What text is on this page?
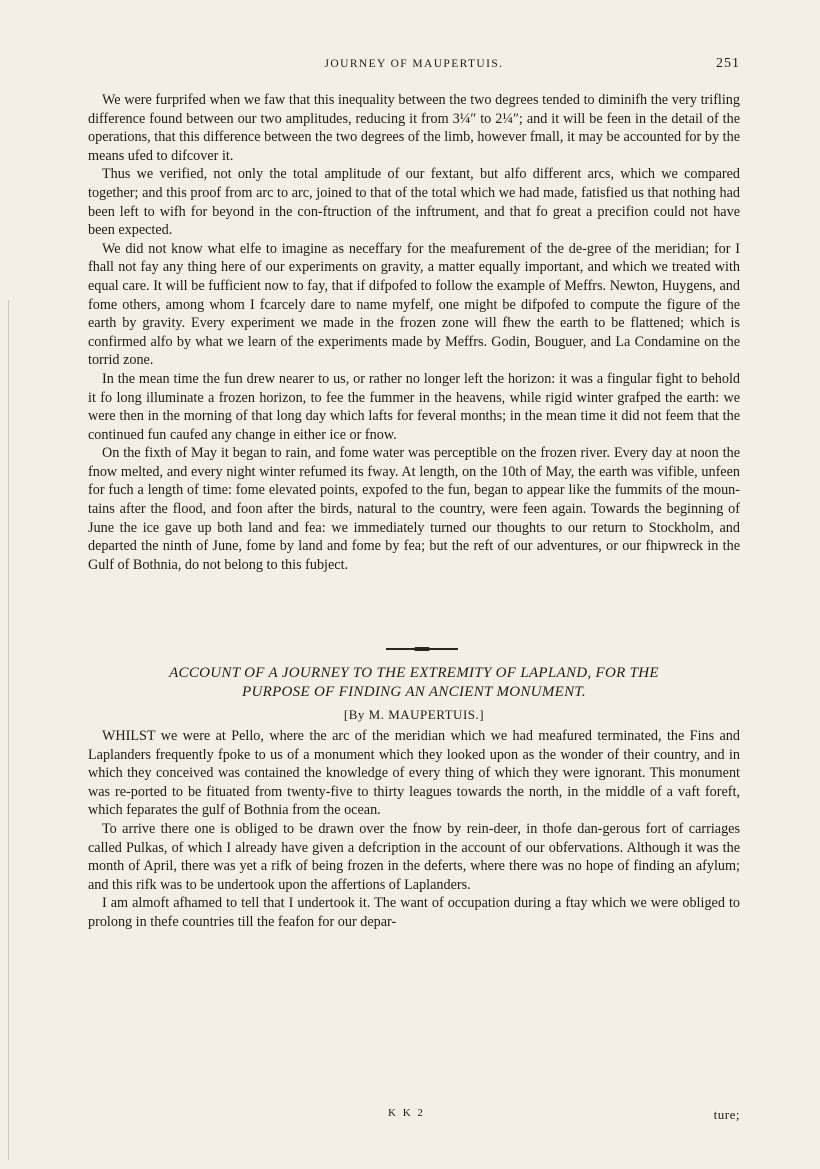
JOURNEY OF MAUPERTUIS.	251

We were furprifed when we faw that this inequality between the two degrees tended to diminifh the very trifling difference found between our two amplitudes, reducing it from 3¼″ to 2¼″; and it will be feen in the detail of the operations, that this difference between the two degrees of the limb, however fmall, it may be accounted for by the means ufed to difcover it.

Thus we verified, not only the total amplitude of our fextant, but alfo different arcs, which we compared together; and this proof from arc to arc, joined to that of the total which we had made, fatisfied us that nothing had been left to wifh for beyond in the con-ftruction of the inftrument, and that fo great a precifion could not have been expected.

We did not know what elfe to imagine as neceffary for the meafurement of the de-gree of the meridian; for I fhall not fay any thing here of our experiments on gravity, a matter equally important, and which we treated with equal care. It will be fufficient now to fay, that if difpofed to follow the example of Meffrs. Newton, Huygens, and fome others, among whom I fcarcely dare to name myfelf, one might be difpofed to compute the figure of the earth by gravity. Every experiment we made in the frozen zone will fhew the earth to be flattened; which is confirmed alfo by what we learn of the experiments made by Meffrs. Godin, Bouguer, and La Condamine on the torrid zone.

In the mean time the fun drew nearer to us, or rather no longer left the horizon: it was a fingular fight to behold it fo long illuminate a frozen horizon, to fee the fummer in the heavens, while rigid winter grafped the earth: we were then in the morning of that long day which lafts for feveral months; in the mean time it did not feem that the continued fun caufed any change in either ice or fnow.

On the fixth of May it began to rain, and fome water was perceptible on the frozen river. Every day at noon the fnow melted, and every night winter refumed its fway. At length, on the 10th of May, the earth was vifible, unfeen for fuch a length of time: fome elevated points, expofed to the fun, began to appear like the fummits of the moun-tains after the flood, and foon after the birds, natural to the country, were feen again. Towards the beginning of June the ice gave up both land and fea: we immediately turned our thoughts to our return to Stockholm, and departed the ninth of June, fome by land and fome by fea; but the reft of our adventures, or our fhipwreck in the Gulf of Bothnia, do not belong to this fubject.

ACCOUNT OF A JOURNEY TO THE EXTREMITY OF LAPLAND, FOR THE
PURPOSE OF FINDING AN ANCIENT MONUMENT.
[By M. MAUPERTUIS.]

WHILST we were at Pello, where the arc of the meridian which we had meafured terminated, the Fins and Laplanders frequently fpoke to us of a monument which they looked upon as the wonder of their country, and in which they conceived was contained the knowledge of every thing of which they were ignorant. This monument was re-ported to be fituated from twenty-five to thirty leagues towards the north, in the middle of a vaft foreft, which feparates the gulf of Bothnia from the ocean.

To arrive there one is obliged to be drawn over the fnow by rein-deer, in thofe dan-gerous fort of carriages called Pulkas, of which I already have given a defcription in the account of our obfervations. Although it was the month of April, there was yet a rifk of being frozen in the deferts, where there was no hope of finding an afylum; and this rifk was to be undertook upon the affertions of Laplanders.

I am almoft afhamed to tell that I undertook it. The want of occupation during a ftay which we were obliged to prolong in thefe countries till the feafon for our depar-

K K 2	ture;
